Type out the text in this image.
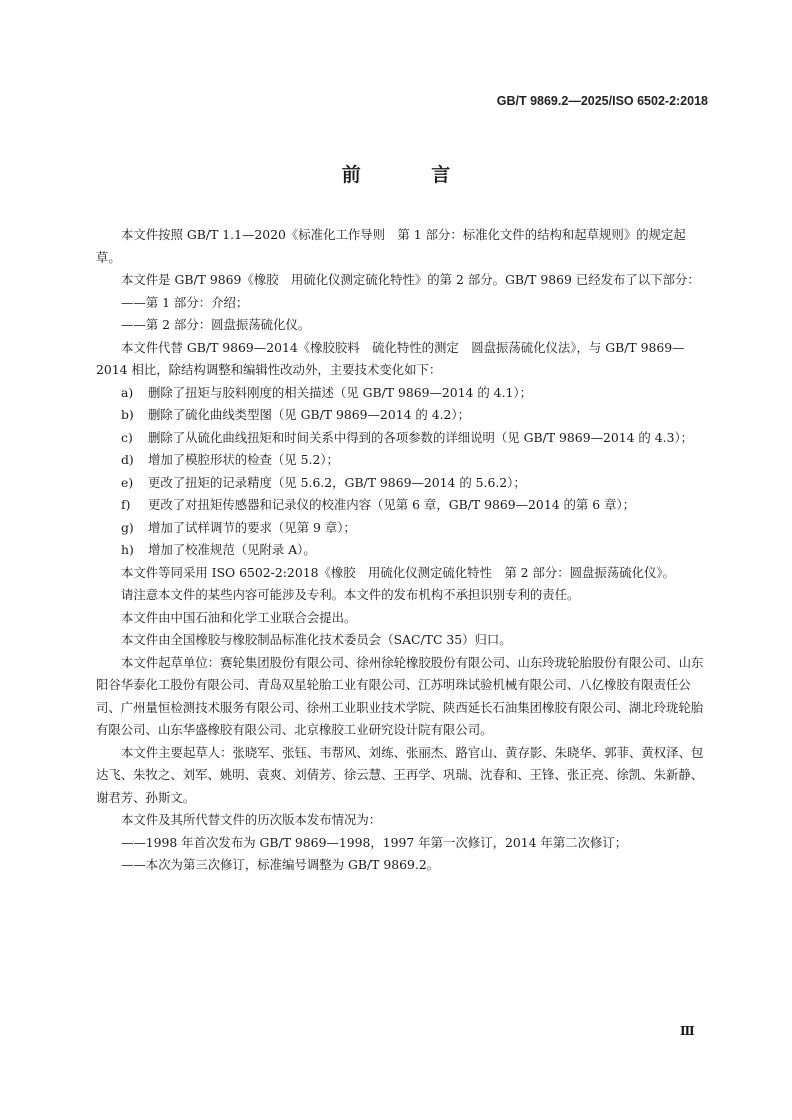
GB/T 9869.2—2025/ISO 6502-2:2018
前 言

本文件按照 GB/T 1.1—2020《标准化工作导则　第 1 部分：标准化文件的结构和起草规则》的规定起草。

本文件是 GB/T 9869《橡胶　用硫化仪测定硫化特性》的第 2 部分。GB/T 9869 已经发布了以下部分：

——第 1 部分：介绍；

——第 2 部分：圆盘振荡硫化仪。

本文件代替 GB/T 9869—2014《橡胶胶料　硫化特性的测定　圆盘振荡硫化仪法》，与 GB/T 9869—2014 相比，除结构调整和编辑性改动外，主要技术变化如下：

a) 删除了扭矩与胶料刚度的相关描述（见 GB/T 9869—2014 的 4.1）；
b) 删除了硫化曲线类型图（见 GB/T 9869—2014 的 4.2）；
c) 删除了从硫化曲线扭矩和时间关系中得到的各项参数的详细说明（见 GB/T 9869—2014 的 4.3）；
d) 增加了模腔形状的检查（见 5.2）；
e) 更改了扭矩的记录精度（见 5.6.2，GB/T 9869—2014 的 5.6.2）；
f) 更改了对扭矩传感器和记录仪的校准内容（见第 6 章，GB/T 9869—2014 的第 6 章）；
g) 增加了试样调节的要求（见第 9 章）；
h) 增加了校准规范（见附录 A）。

本文件等同采用 ISO 6502-2:2018《橡胶　用硫化仪测定硫化特性　第 2 部分：圆盘振荡硫化仪》。

请注意本文件的某些内容可能涉及专利。本文件的发布机构不承担识别专利的责任。

本文件由中国石油和化学工业联合会提出。

本文件由全国橡胶与橡胶制品标准化技术委员会（SAC/TC 35）归口。

本文件起草单位：赛轮集团股份有限公司、徐州徐轮橡胶股份有限公司、山东玲珑轮胎股份有限公司、山东阳谷华泰化工股份有限公司、青岛双星轮胎工业有限公司、江苏明珠试验机械有限公司、八亿橡胶有限责任公司、广州量恒检测技术服务有限公司、徐州工业职业技术学院、陕西延长石油集团橡胶有限公司、湖北玲珑轮胎有限公司、山东华盛橡胶有限公司、北京橡胶工业研究设计院有限公司。

本文件主要起草人：张晓军、张钰、韦帮风、刘练、张丽杰、路官山、黄存影、朱晓华、郭菲、黄权泽、包达飞、朱牧之、刘军、姚明、袁爽、刘倩芳、徐云慧、王再学、巩瑞、沈春和、王锋、张正亮、徐凯、朱新静、谢君芳、孙斯文。

本文件及其所代替文件的历次版本发布情况为：

——1998 年首次发布为 GB/T 9869—1998，1997 年第一次修订，2014 年第二次修订；

——本次为第三次修订，标准编号调整为 GB/T 9869.2。

Ⅲ
